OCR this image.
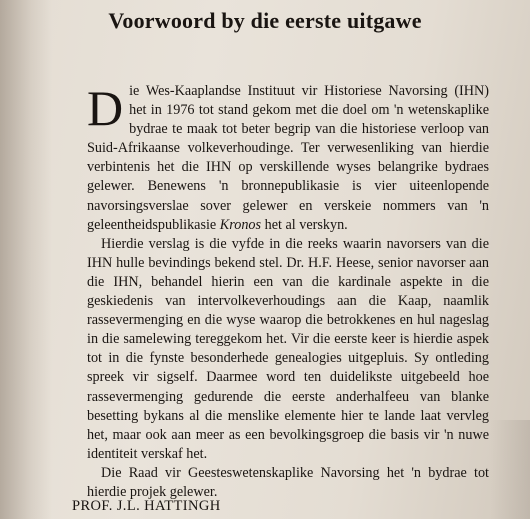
Voorwoord by die eerste uitgawe

Die Wes-Kaaplandse Instituut vir Historiese Navorsing (IHN) het in 1976 tot stand gekom met die doel om 'n wetenskaplike bydrae te maak tot beter begrip van die historiese verloop van Suid-Afrikaanse volkeverhoudinge. Ter verwesenliking van hierdie verbintenis het die IHN op verskillende wyses belangrike bydraes gelewer. Benewens 'n bronnepublikasie is vier uiteenlopende navorsingsverslae sover gelewer en verskeie nommers van 'n geleentheidspublikasie Kronos het al verskyn.

Hierdie verslag is die vyfde in die reeks waarin navorsers van die IHN hulle bevindings bekend stel. Dr. H.F. Heese, senior navorser aan die IHN, behandel hierin een van die kardinale aspekte in die geskiedenis van intervolkeverhoudings aan die Kaap, naamlik rassevermenging en die wyse waarop die betrokkenes en hul nageslag in die samelewing tereggekom het. Vir die eerste keer is hierdie aspek tot in die fynste besonderhede genealogies uitgepluis. Sy ontleding spreek vir sigself. Daarmee word ten duidelikste uitgebeeld hoe rassevermenging gedurende die eerste anderhalfeeu van blanke besetting bykans al die menslike elemente hier te lande laat vervleg het, maar ook aan meer as een bevolkingsgroep die basis vir 'n nuwe identiteit verskaf het.

Die Raad vir Geesteswetenskaplike Navorsing het 'n bydrae tot hierdie projek gelewer.

PROF. J.L. HATTINGH
